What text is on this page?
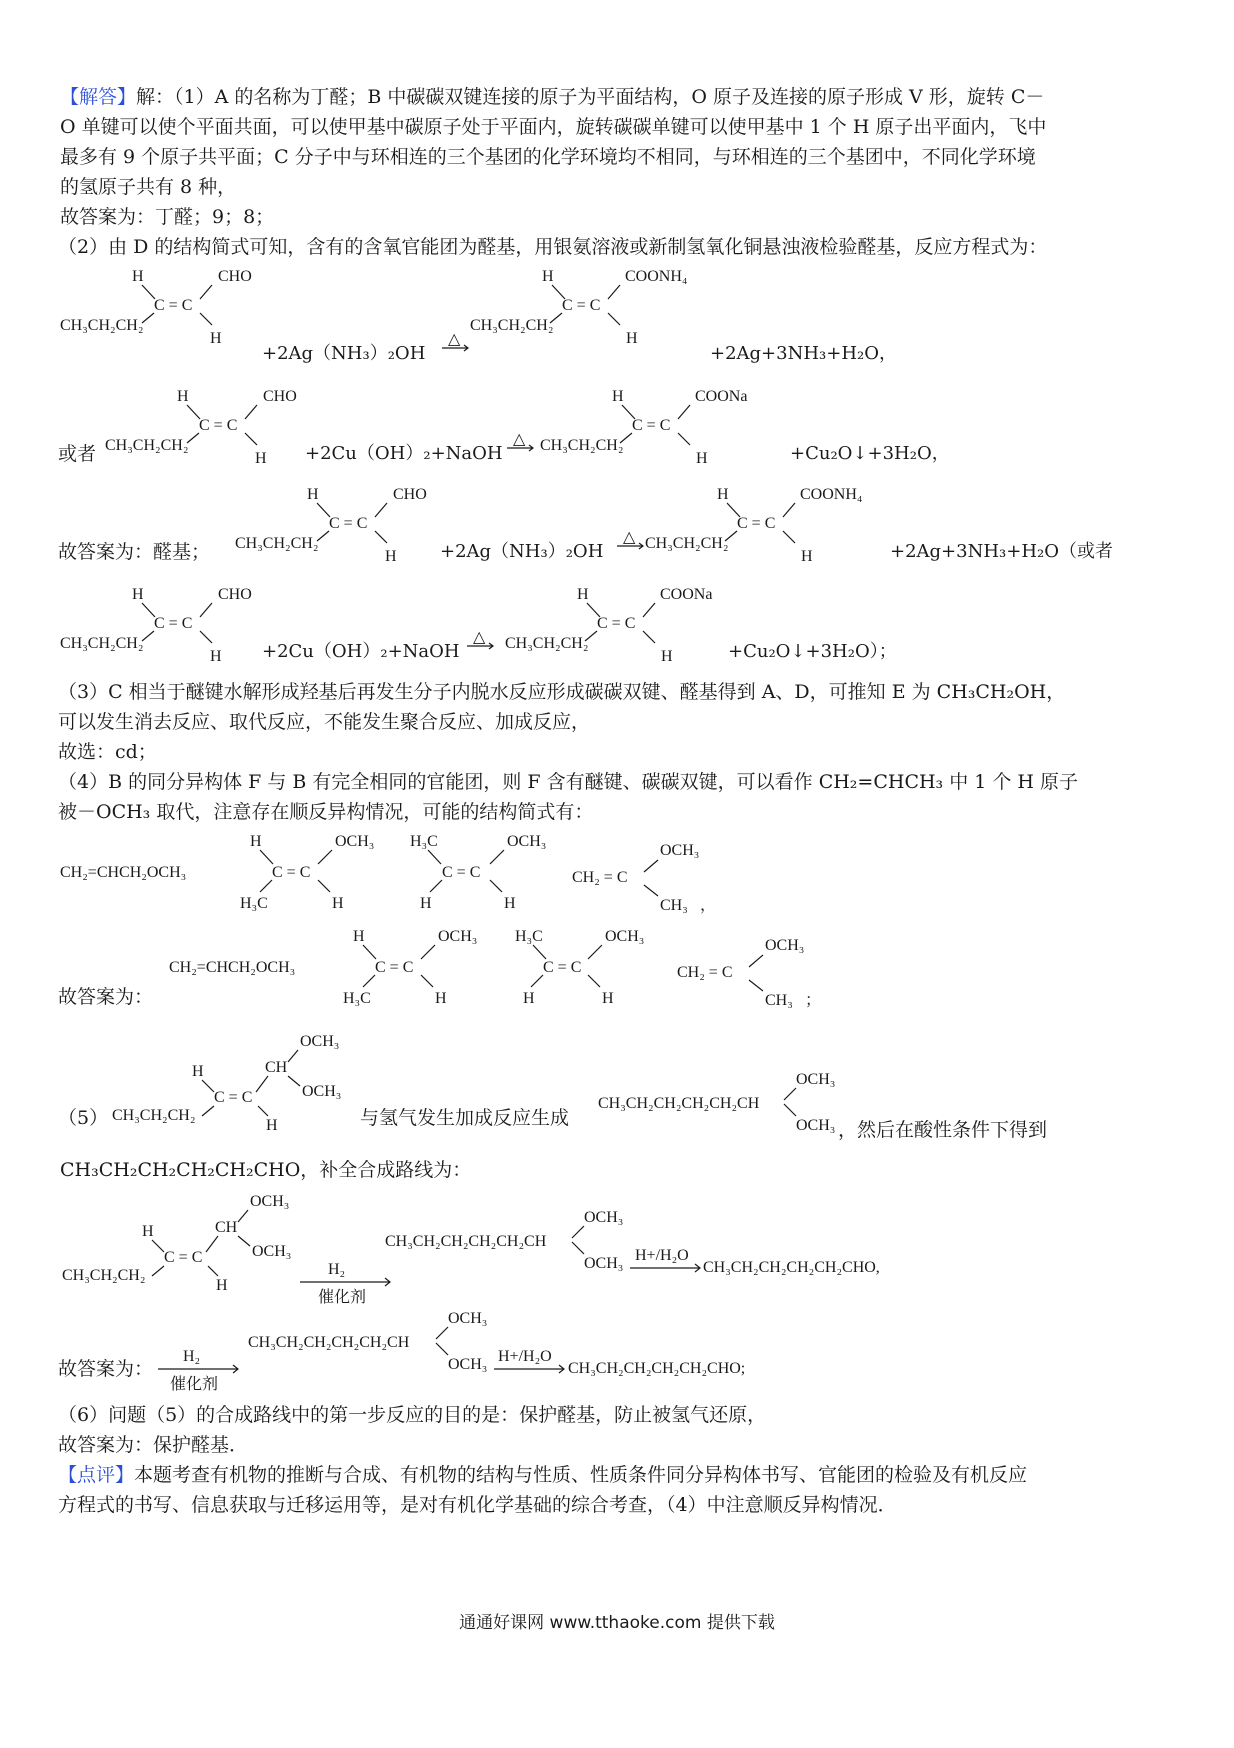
【解答】解：（1）A 的名称为丁醛；B 中碳碳双键连接的原子为平面结构，O 原子及连接的原子形成 V 形，旋转 C－
O 单键可以使个平面共面，可以使甲基中碳原子处于平面内，旋转碳碳单键可以使甲基中 1 个 H 原子出平面内，飞中
最多有 9 个原子共平面；C 分子中与环相连的三个基团的化学环境均不相同，与环相连的三个基团中，不同化学环境
的氢原子共有 8 种，
故答案为：丁醛；9；8；
（2）由 D 的结构简式可知，含有的含氧官能团为醛基，用银氨溶液或新制氢氧化铜悬浊液检验醛基，反应方程式为：
H	CHO
C = C
CH₃CH₂CH₂
H
H	COONH₄
C = C
CH₃CH₂CH₂
H
+2Ag（NH₃）₂OH
△
+2Ag+3NH₃+H₂O，
H	CHO
C = C
CH₃CH₂CH₂
H
H	COONa
C = C
CH₃CH₂CH₂
H
或者	+2Cu（OH）₂+NaOH
△
+Cu₂O↓+3H₂O，
H	CHO
C = C
CH₃CH₂CH₂
H
H	COONH₄
C = C
CH₃CH₂CH₂
H
故答案为：醛基；	+2Ag（NH₃）₂OH
△
+2Ag+3NH₃+H₂O（或者
H	CHO
C = C
CH₃CH₂CH₂
H
H	COONa
C = C
CH₃CH₂CH₂
H
+2Cu（OH）₂+NaOH
△
+Cu₂O↓+3H₂O）；
（3）C 相当于醚键水解形成羟基后再发生分子内脱水反应形成碳碳双键、醛基得到 A、D，可推知 E 为 CH₃CH₂OH，
可以发生消去反应、取代反应，不能发生聚合反应、加成反应，
故选：cd；
（4）B 的同分异构体 F 与 B 有完全相同的官能团，则 F 含有醚键、碳碳双键，可以看作 CH₂=CHCH₃ 中 1 个 H 原子
被－OCH₃ 取代，注意存在顺反异构情况，可能的结构简式有：
CH₂=CHCH₂OCH₃
H	OCH₃
C = C
H₃C	H
H₃C	OCH₃
C = C
H	H
OCH₃
CH₂ = C
CH₃ ，
故答案为：
CH₂=CHCH₂OCH₃
H	OCH₃
C = C
H₃C	H
H₃C	OCH₃
C = C
H	H
OCH₃
CH₂ = C
CH₃ ；
OCH₃
CH
OCH₃
H
C = C
CH₃CH₂CH₂
H
（5）	与氢气发生加成反应生成
CH₃CH₂CH₂CH₂CH₂CH
OCH₃
OCH₃ ，然后在酸性条件下得到
CH₃CH₂CH₂CH₂CH₂CHO，补全合成路线为：
OCH₃
CH
OCH₃
H
C = C
CH₃CH₂CH₂
H
H₂
催化剂
CH₃CH₂CH₂CH₂CH₂CH
OCH₃
OCH₃ H+/H₂O
CH₃CH₂CH₂CH₂CH₂CHO,
故答案为：
H₂
催化剂
CH₃CH₂CH₂CH₂CH₂CH
OCH₃
OCH₃ H+/H₂O
CH₃CH₂CH₂CH₂CH₂CHO;
（6）问题（5）的合成路线中的第一步反应的目的是：保护醛基，防止被氢气还原，
故答案为：保护醛基．
【点评】本题考查有机物的推断与合成、有机物的结构与性质、性质条件同分异构体书写、官能团的检验及有机反应
方程式的书写、信息获取与迁移运用等，是对有机化学基础的综合考查，（4）中注意顺反异构情况．
通通好课网 www.tthaoke.com 提供下载
